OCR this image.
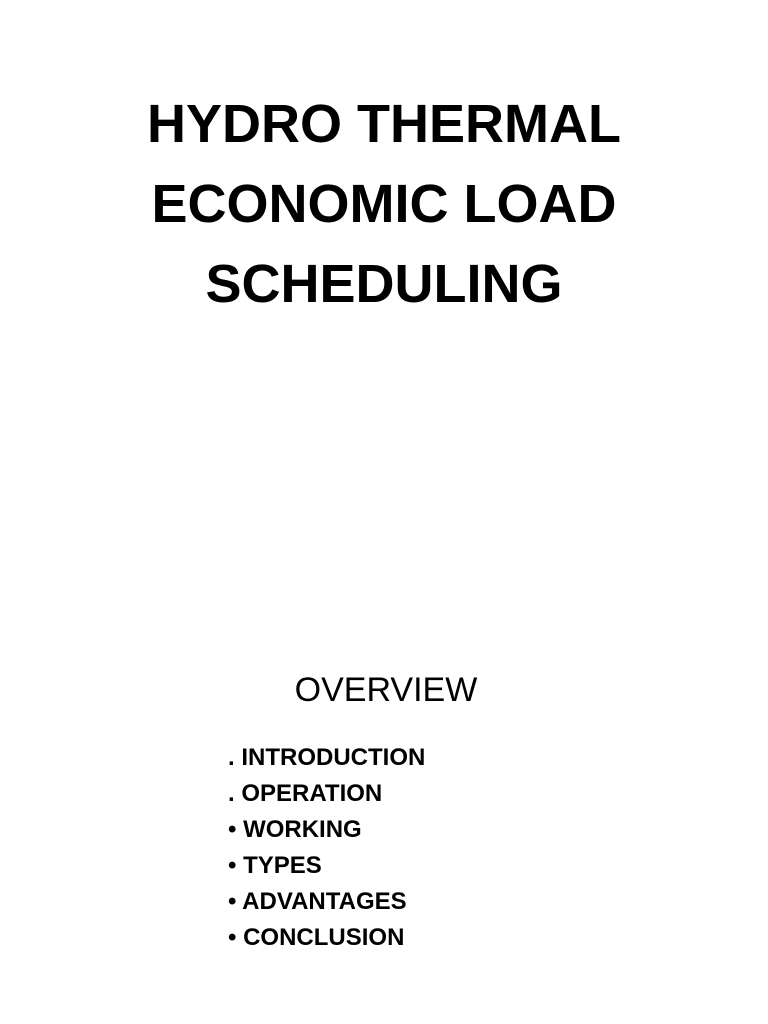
HYDRO THERMAL
ECONOMIC LOAD
SCHEDULING
OVERVIEW
. INTRODUCTION
. OPERATION
• WORKING
• TYPES
• ADVANTAGES
• CONCLUSION
